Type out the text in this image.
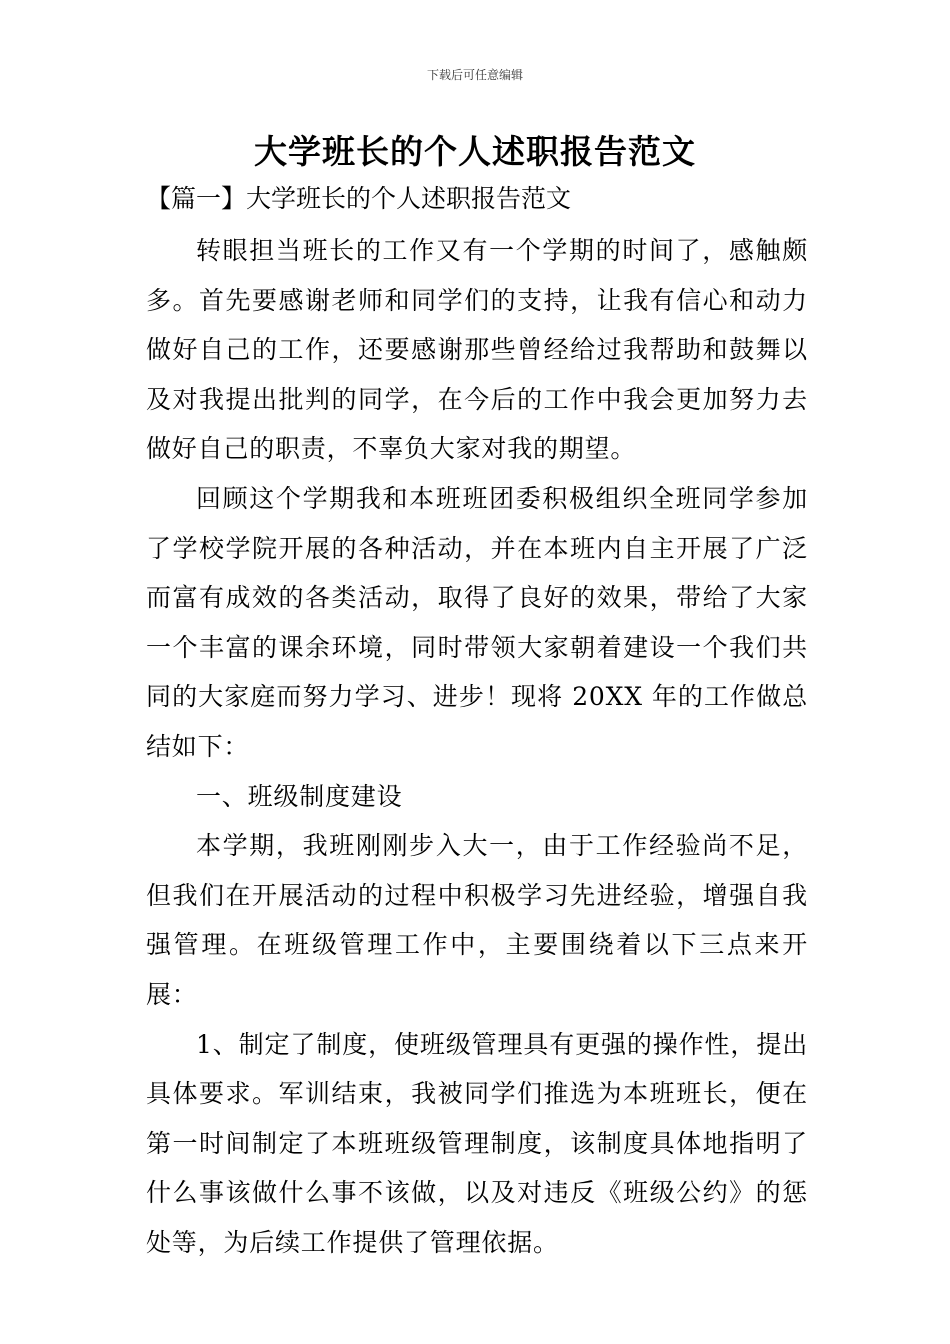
下载后可任意编辑
大学班长的个人述职报告范文
【篇一】大学班长的个人述职报告范文

转眼担当班长的工作又有一个学期的时间了，感触颇多。首先要感谢老师和同学们的支持，让我有信心和动力做好自己的工作，还要感谢那些曾经给过我帮助和鼓舞以及对我提出批判的同学，在今后的工作中我会更加努力去做好自己的职责，不辜负大家对我的期望。

回顾这个学期我和本班班团委积极组织全班同学参加了学校学院开展的各种活动，并在本班内自主开展了广泛而富有成效的各类活动，取得了良好的效果，带给了大家一个丰富的课余环境，同时带领大家朝着建设一个我们共同的大家庭而努力学习、进步！现将 20XX 年的工作做总结如下：

一、班级制度建设

本学期，我班刚刚步入大一，由于工作经验尚不足，但我们在开展活动的过程中积极学习先进经验，增强自我强管理。在班级管理工作中，主要围绕着以下三点来开展：

1、制定了制度，使班级管理具有更强的操作性，提出具体要求。军训结束，我被同学们推选为本班班长，便在第一时间制定了本班班级管理制度，该制度具体地指明了什么事该做什么事不该做，以及对违反《班级公约》的惩处等，为后续工作提供了管理依据。
